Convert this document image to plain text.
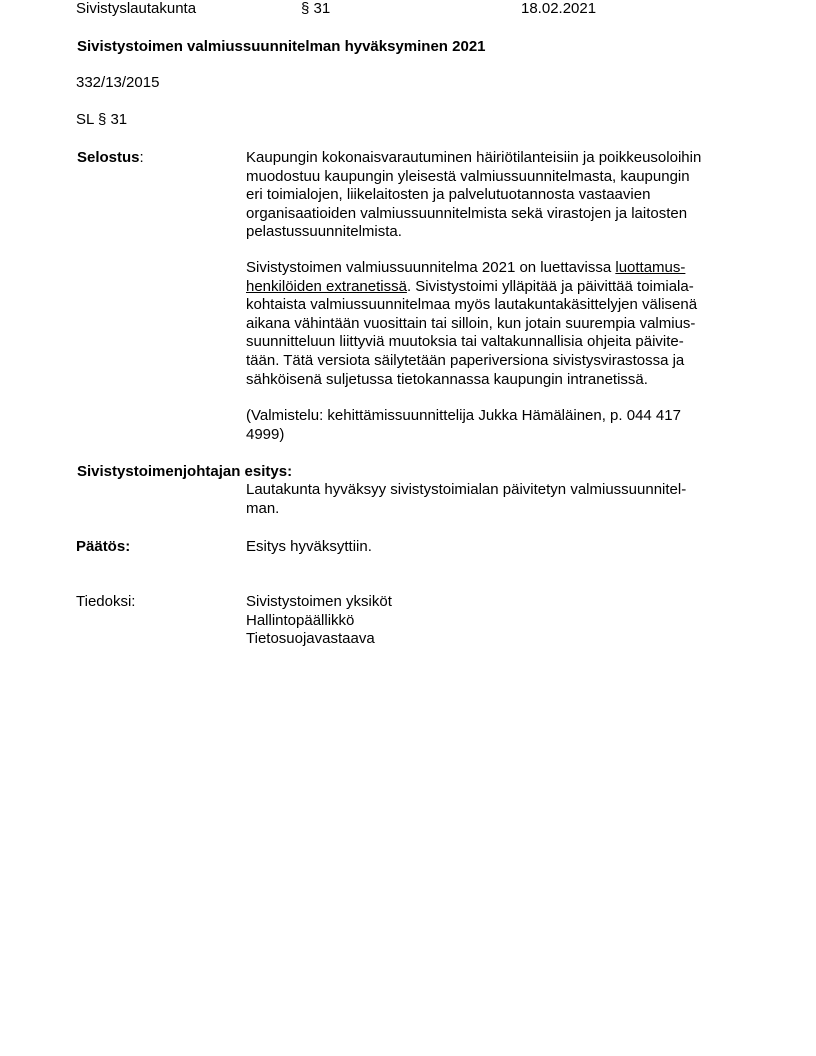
Sivistyslautakunta	§ 31	18.02.2021
Sivistystoimen valmiussuunnitelman hyväksyminen 2021
332/13/2015
SL § 31
Selostus:	Kaupungin kokonaisvarautuminen häiriötilanteisiin ja poikkeusoloihin
muodostuu kaupungin yleisestä valmiussuunnitelmasta, kaupungin
eri toimialojen, liikelaitosten ja palvelutuotannosta vastaavien
organisaatioiden valmiussuunnitelmista sekä virastojen ja laitosten
pelastussuunnitelmista.
Sivistystoimen valmiussuunnitelma 2021 on luettavissa luottamus-
henkilöiden extranetissä. Sivistystoimi ylläpitää ja päivittää toimiala-
kohtaista valmiussuunnitelmaa myös lautakuntakäsittelyjen välisenä
aikana vähintään vuosittain tai silloin, kun jotain suurempia valmius-
suunnitteluun liittyviä muutoksia tai valtakunnallisia ohjeita päivite-
tään. Tätä versiota säilytetään paperiversiona sivistysvirastossa ja
sähköisenä suljetussa tietokannassa kaupungin intranetissä.
(Valmistelu: kehittämissuunnittelija Jukka Hämäläinen, p. 044 417
4999)
Sivistystoimenjohtajan esitys:
Lautakunta hyväksyy sivistystoimialan päivitetyn valmiussuunnitel-
man.
Päätös:	Esitys hyväksyttiin.
Tiedoksi:	Sivistystoimen yksiköt
Hallintopäällikkö
Tietosuojavastaava
